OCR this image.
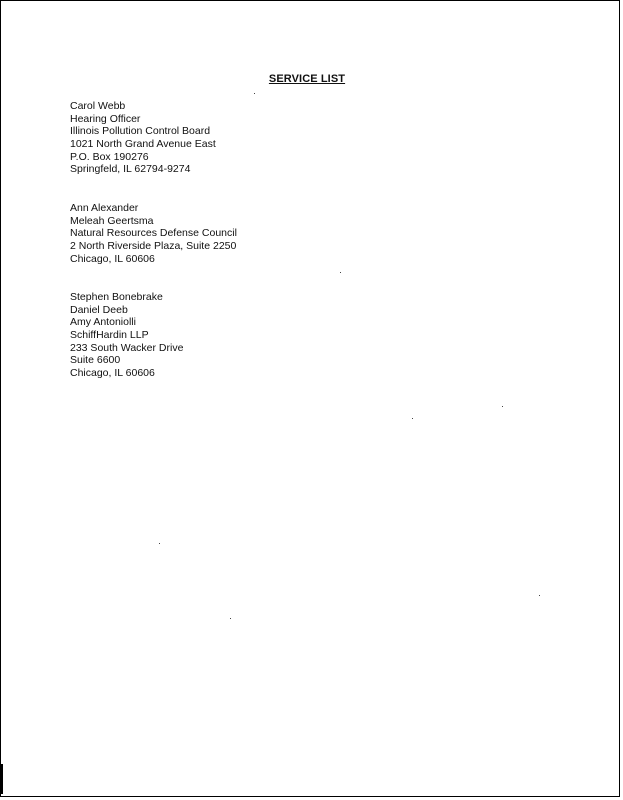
SERVICE LIST
Carol Webb
Hearing Officer
Illinois Pollution Control Board
1021 North Grand Avenue East
P.O. Box 190276
Springfeld, IL 62794-9274
Ann Alexander
Meleah Geertsma
Natural Resources Defense Council
2 North Riverside Plaza, Suite 2250
Chicago, IL 60606
Stephen Bonebrake
Daniel Deeb
Amy Antoniolli
SchiffHardin LLP
233 South Wacker Drive
Suite 6600
Chicago, IL 60606
